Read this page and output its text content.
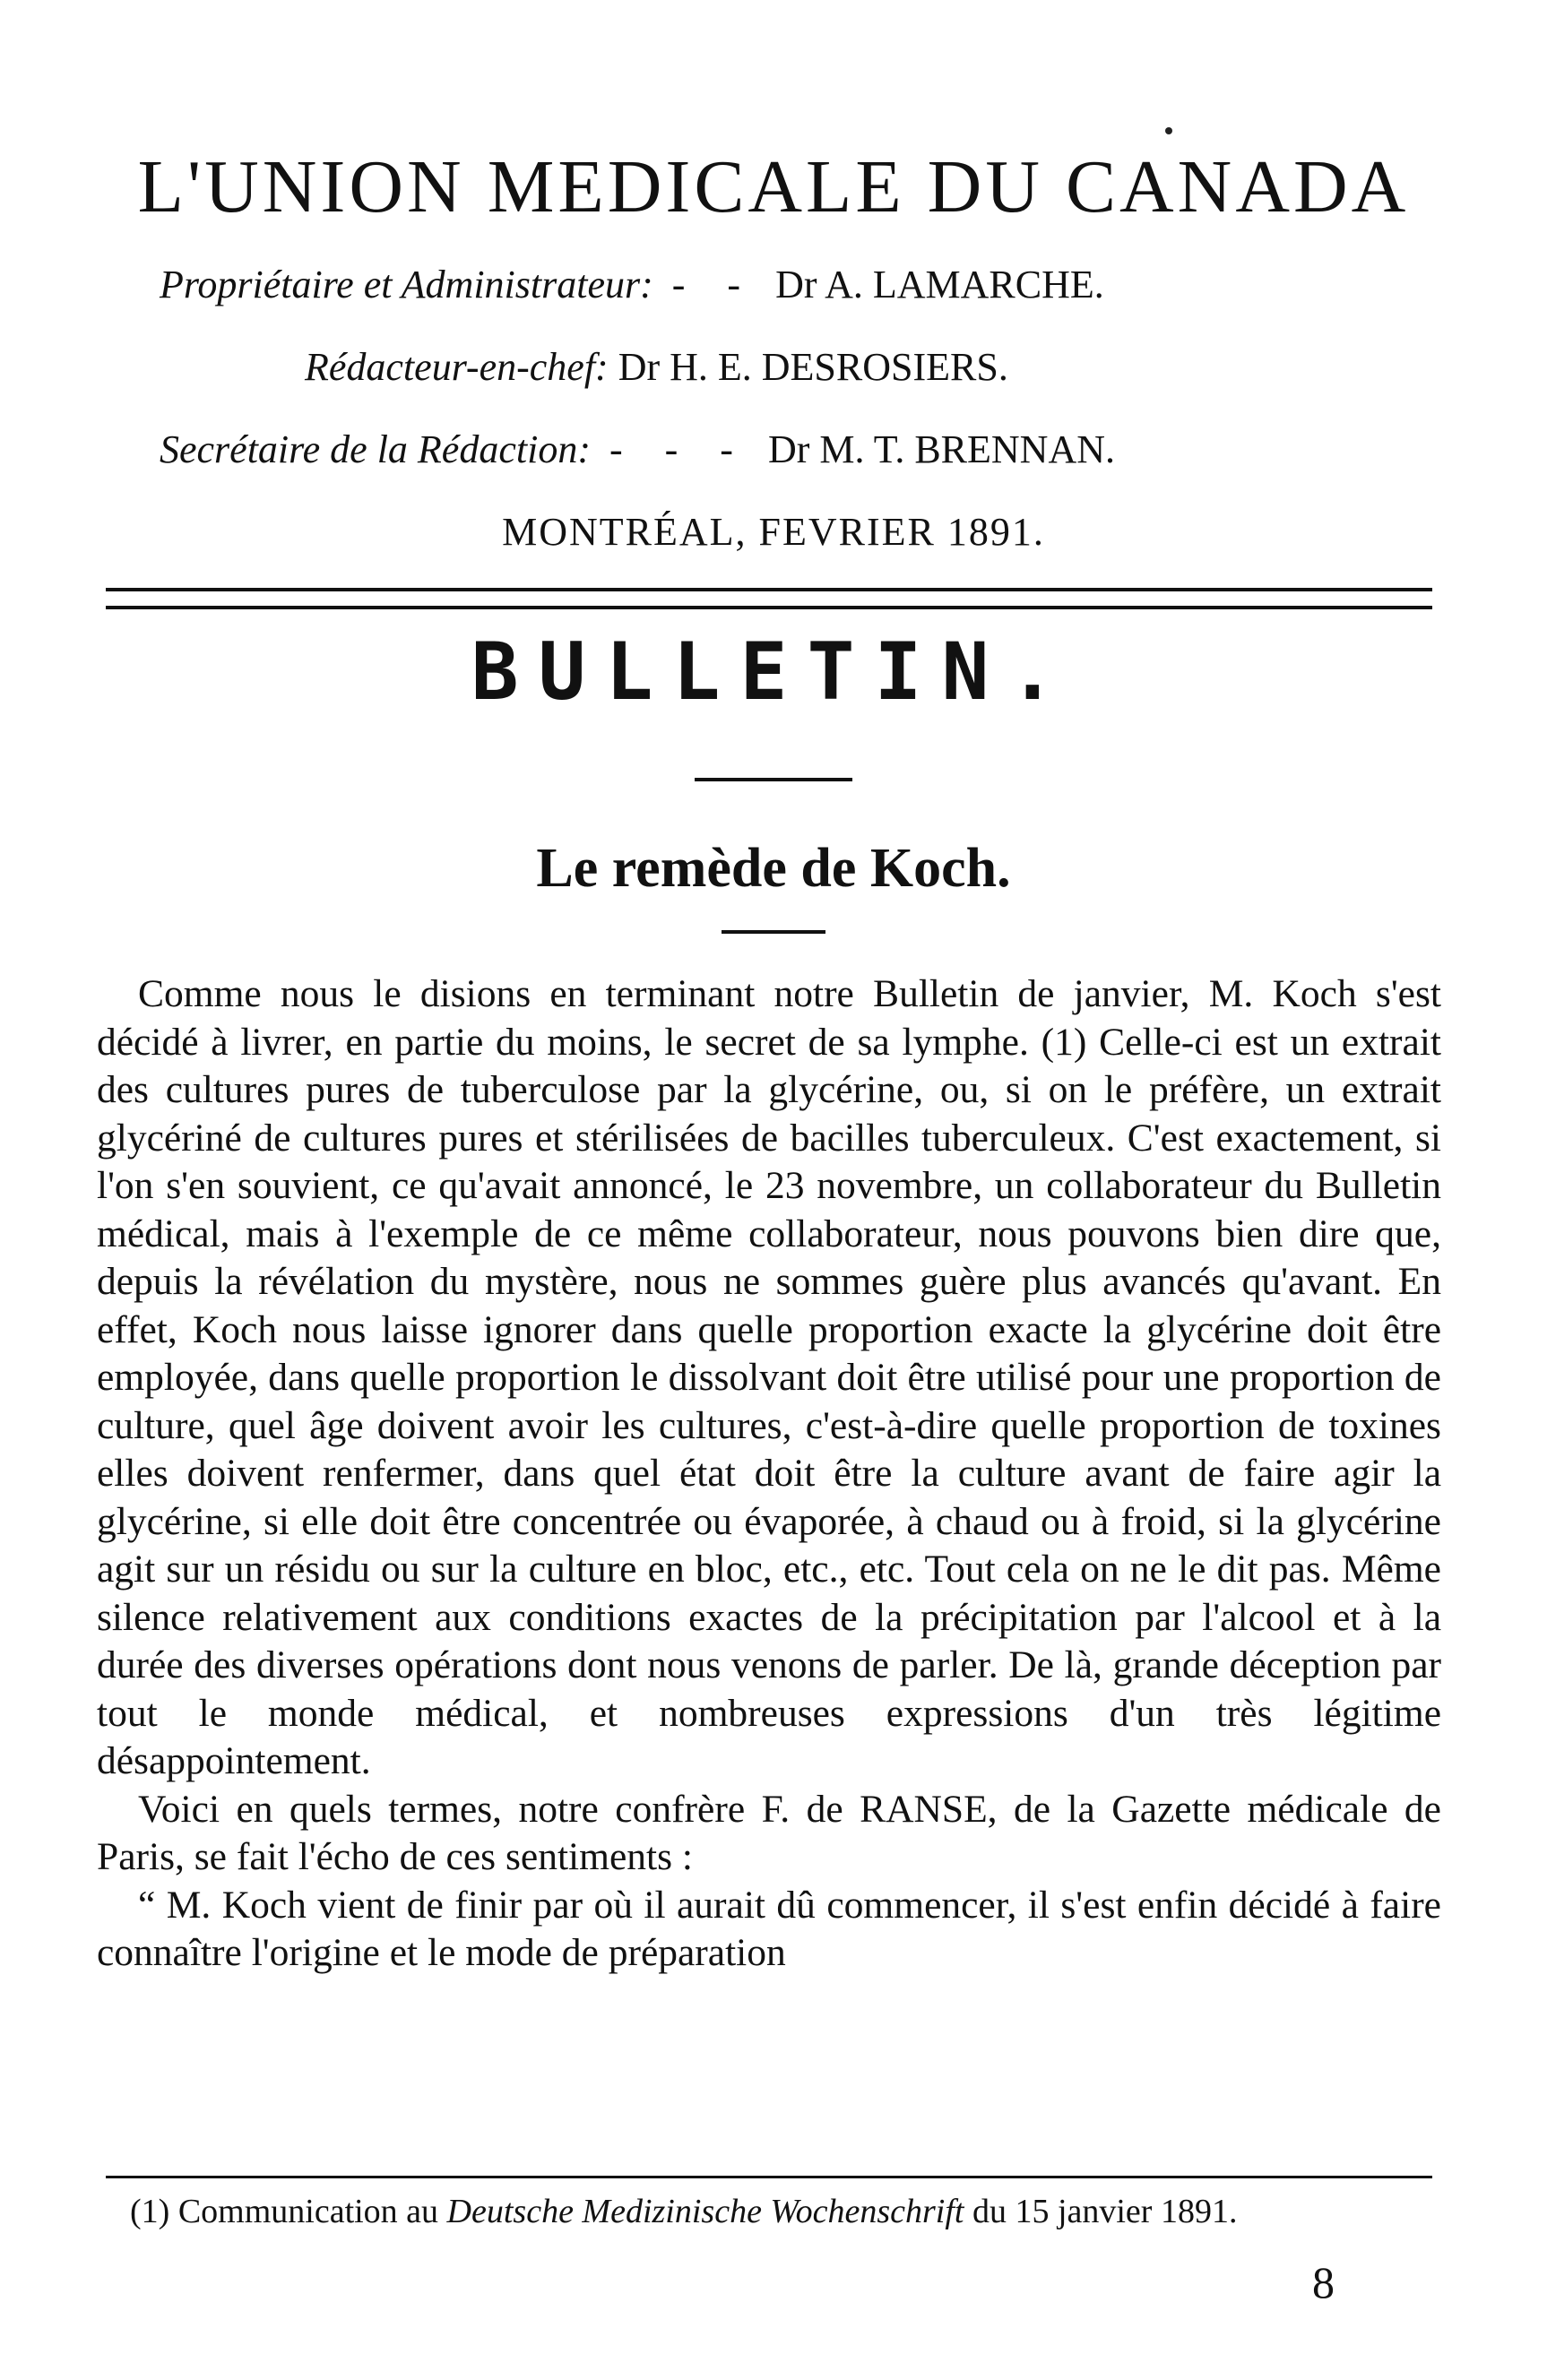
L'UNION MEDICALE DU CANADA
Propriétaire et Administrateur: - - Dr A. LAMARCHE.
Rédacteur-en-chef: Dr H. E. DESROSIERS.
Secrétaire de la Rédaction: - - - Dr M. T. BRENNAN.
MONTRÉAL, FEVRIER 1891.
BULLETIN.
Le remède de Koch.

Comme nous le disions en terminant notre Bulletin de janvier, M. Koch s'est décidé à livrer, en partie du moins, le secret de sa lymphe. (1) Celle-ci est un extrait des cultures pures de tuberculose par la glycérine, ou, si on le préfère, un extrait glycériné de cultures pures et stérilisées de bacilles tuberculeux. C'est exactement, si l'on s'en souvient, ce qu'avait annoncé, le 23 novembre, un collaborateur du Bulletin médical, mais à l'exemple de ce même collaborateur, nous pouvons bien dire que, depuis la révélation du mystère, nous ne sommes guère plus avancés qu'avant. En effet, Koch nous laisse ignorer dans quelle proportion exacte la glycérine doit être employée, dans quelle proportion le dissolvant doit être utilisé pour une proportion de culture, quel âge doivent avoir les cultures, c'est-à-dire quelle proportion de toxines elles doivent renfermer, dans quel état doit être la culture avant de faire agir la glycérine, si elle doit être concentrée ou évaporée, à chaud ou à froid, si la glycérine agit sur un résidu ou sur la culture en bloc, etc., etc. Tout cela on ne le dit pas. Même silence relativement aux conditions exactes de la précipitation par l'alcool et à la durée des diverses opérations dont nous venons de parler. De là, grande déception par tout le monde médical, et nombreuses expressions d'un très légitime désappointement.

Voici en quels termes, notre confrère F. de RANSE, de la Gazette médicale de Paris, se fait l'écho de ces sentiments :

“ M. Koch vient de finir par où il aurait dû commencer, il s'est enfin décidé à faire connaître l'origine et le mode de préparation

(1) Communication au Deutsche Medizinische Wochenschrift du 15 janvier 1891.
8
